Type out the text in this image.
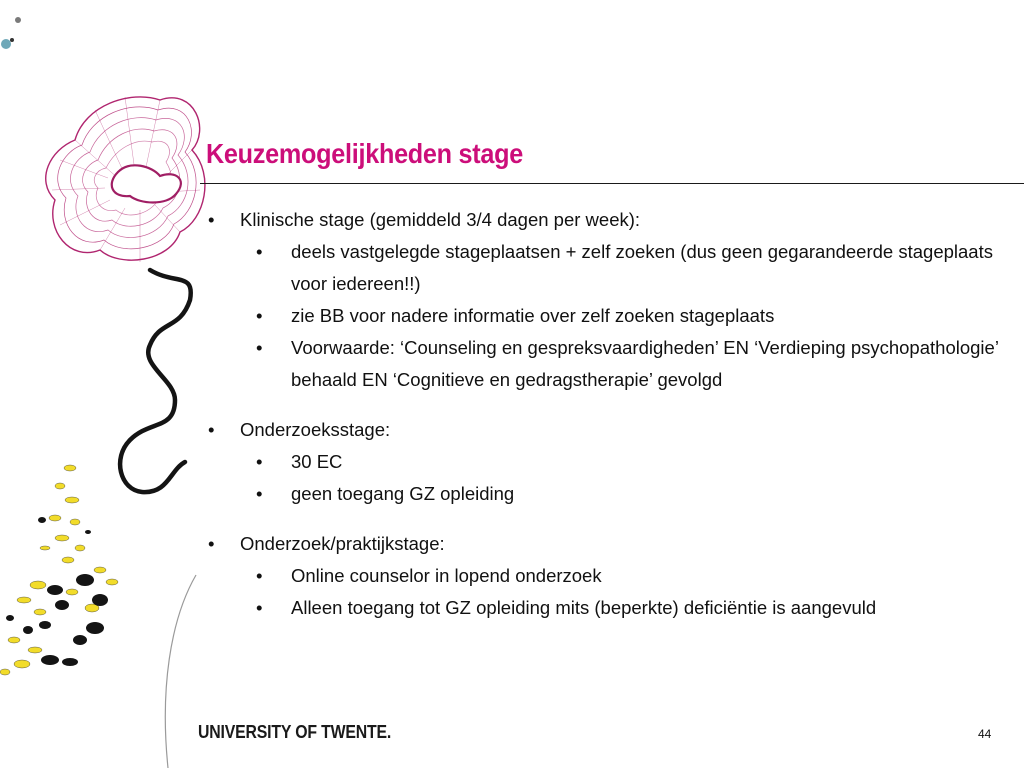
Keuzemogelijkheden stage
• Klinische stage (gemiddeld 3/4 dagen per week):
• deels vastgelegde stageplaatsen + zelf zoeken (dus geen gegarandeerde stageplaats voor iedereen!!)
• zie BB voor nadere informatie over zelf zoeken stageplaats
• Voorwaarde: ‘Counseling en gespreksvaardigheden’ EN ‘Verdieping psychopathologie’ behaald EN ‘Cognitieve en gedragstherapie’ gevolgd
• Onderzoeksstage:
• 30 EC
• geen toegang GZ opleiding
• Onderzoek/praktijkstage:
• Online counselor in lopend onderzoek
• Alleen toegang tot GZ opleiding mits (beperkte) deficiëntie is aangevuld
UNIVERSITY OF TWENTE.	44
